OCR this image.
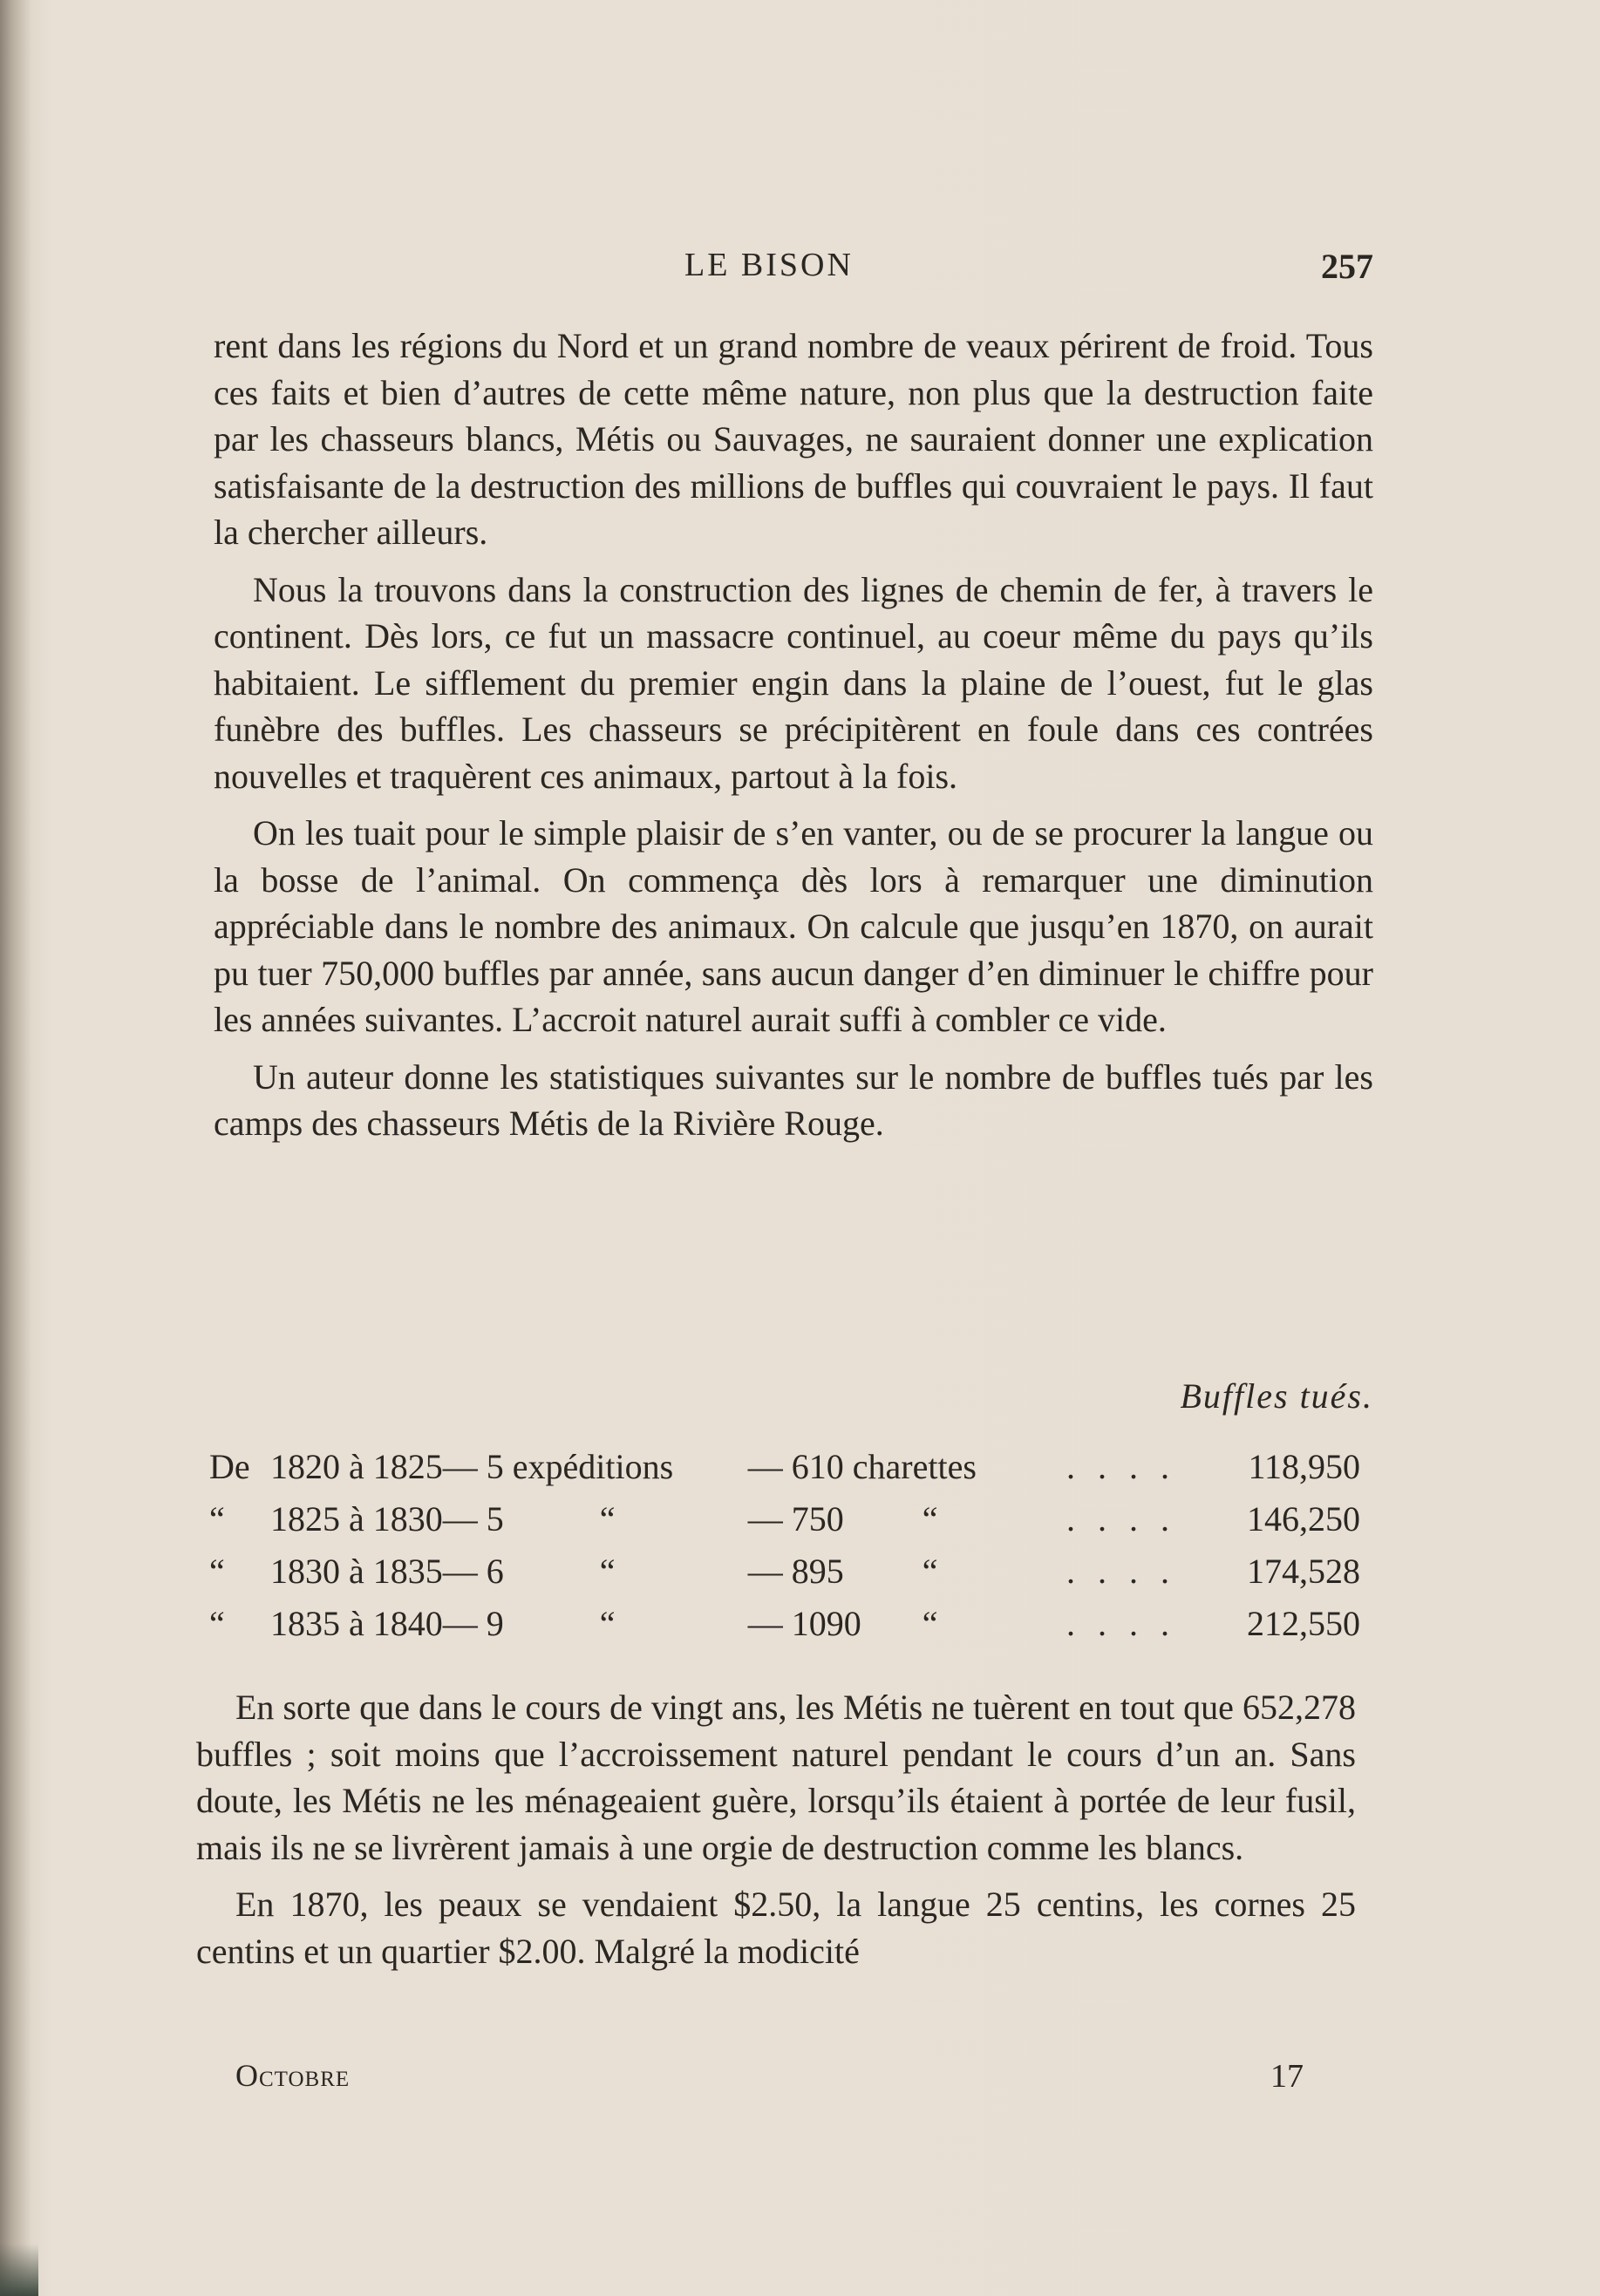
LE BISON	257

rent dans les régions du Nord et un grand nombre de veaux périrent de froid. Tous ces faits et bien d’autres de cette même nature, non plus que la destruction faite par les chasseurs blancs, Métis ou Sauvages, ne sauraient donner une explication satisfaisante de la destruction des millions de buffles qui couvraient le pays. Il faut la chercher ailleurs.

Nous la trouvons dans la construction des lignes de chemin de fer, à travers le continent. Dès lors, ce fut un massacre continuel, au coeur même du pays qu’ils habitaient. Le sifflement du premier engin dans la plaine de l’ouest, fut le glas funèbre des buffles. Les chasseurs se précipitèrent en foule dans ces contrées nouvelles et traquèrent ces animaux, partout à la fois.

On les tuait pour le simple plaisir de s’en vanter, ou de se procurer la langue ou la bosse de l’animal. On commença dès lors à remarquer une diminution appréciable dans le nombre des animaux. On calcule que jusqu’en 1870, on aurait pu tuer 750,000 buffles par année, sans aucun danger d’en diminuer le chiffre pour les années suivantes. L’accroit naturel aurait suffi à combler ce vide.

Un auteur donne les statistiques suivantes sur le nombre de buffles tués par les camps des chasseurs Métis de la Rivière Rouge.

Buffles tués.
De	1820 à 1825	— 5 expéditions		— 610 charettes		. . . .	118,950
“	1825 à 1830	— 5	“	— 750	“	. . . .	146,250
“	1830 à 1835	— 6	“	— 895	“	. . . .	174,528
“	1835 à 1840	— 9	“	— 1090	“	. . . .	212,550

En sorte que dans le cours de vingt ans, les Métis ne tuèrent en tout que 652,278 buffles ; soit moins que l’accroissement naturel pendant le cours d’un an. Sans doute, les Métis ne les ménageaient guère, lorsqu’ils étaient à portée de leur fusil, mais ils ne se livrèrent jamais à une orgie de destruction comme les blancs.

En 1870, les peaux se vendaient $2.50, la langue 25 centins, les cornes 25 centins et un quartier $2.00. Malgré la modicité

Octobre	17
